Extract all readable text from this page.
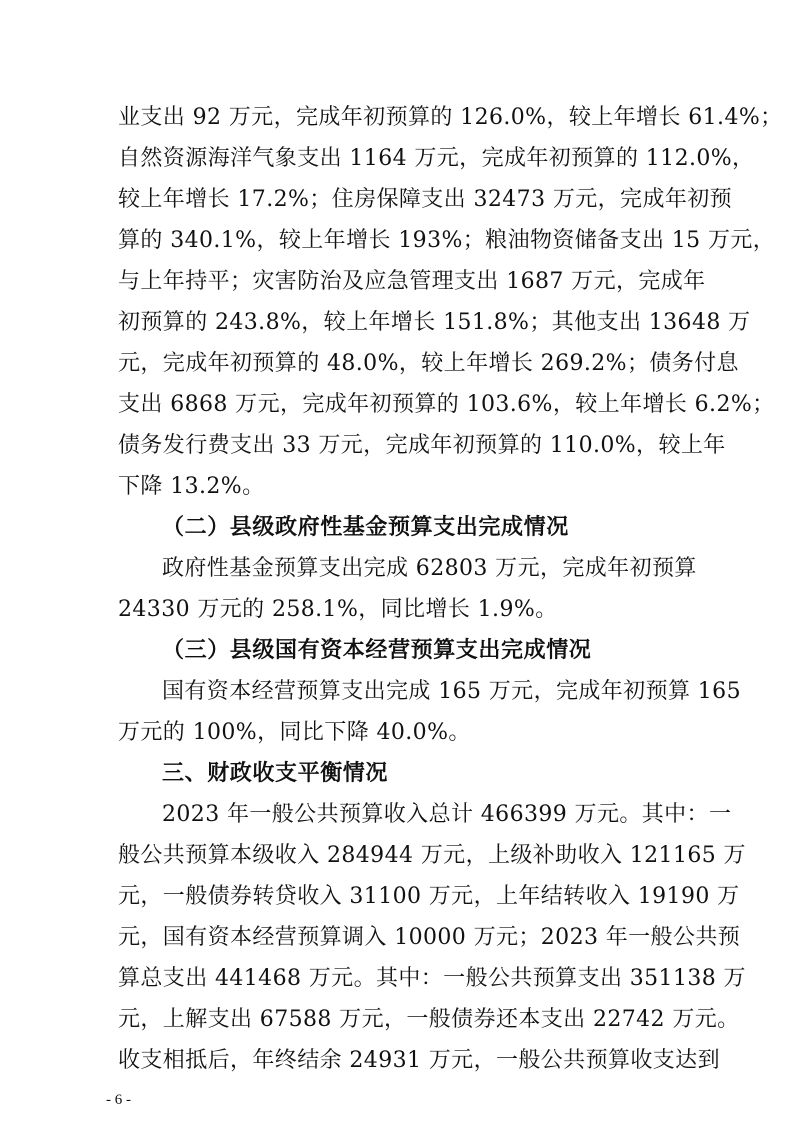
业支出 92 万元，完成年初预算的 126.0%，较上年增长 61.4%；
自然资源海洋气象支出 1164 万元，完成年初预算的 112.0%，
较上年增长 17.2%；住房保障支出 32473 万元，完成年初预
算的 340.1%，较上年增长 193%；粮油物资储备支出 15 万元，
与上年持平；灾害防治及应急管理支出 1687 万元，完成年
初预算的 243.8%，较上年增长 151.8%；其他支出 13648 万
元，完成年初预算的 48.0%，较上年增长 269.2%；债务付息
支出 6868 万元，完成年初预算的 103.6%，较上年增长 6.2%；
债务发行费支出 33 万元，完成年初预算的 110.0%，较上年
下降 13.2%。
（二）县级政府性基金预算支出完成情况
政府性基金预算支出完成 62803 万元，完成年初预算
24330 万元的 258.1%，同比增长 1.9%。
（三）县级国有资本经营预算支出完成情况
国有资本经营预算支出完成 165 万元，完成年初预算 165
万元的 100%，同比下降 40.0%。
三、财政收支平衡情况
2023 年一般公共预算收入总计 466399 万元。其中：一
般公共预算本级收入 284944 万元，上级补助收入 121165 万
元，一般债券转贷收入 31100 万元，上年结转收入 19190 万
元，国有资本经营预算调入 10000 万元；2023 年一般公共预
算总支出 441468 万元。其中：一般公共预算支出 351138 万
元，上解支出 67588 万元，一般债券还本支出 22742 万元。
收支相抵后，年终结余 24931 万元，一般公共预算收支达到
- 6 -
